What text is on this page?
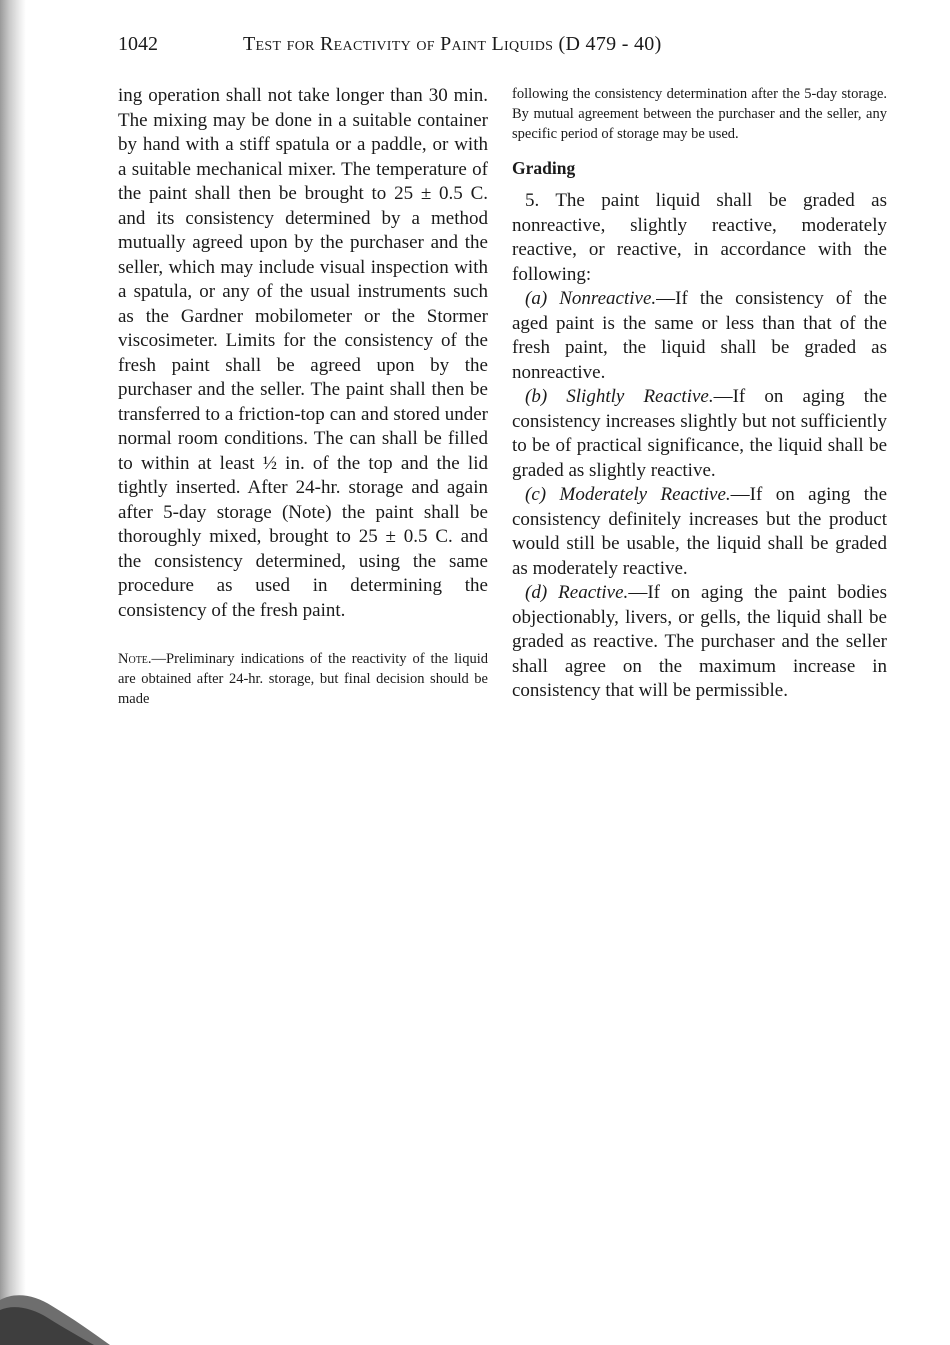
1042	Test for Reactivity of Paint Liquids (D 479 - 40)

ing operation shall not take longer than 30 min. The mixing may be done in a suitable container by hand with a stiff spatula or a paddle, or with a suitable mechanical mixer. The temperature of the paint shall then be brought to 25 ± 0.5 C. and its consistency determined by a method mutually agreed upon by the purchaser and the seller, which may include visual inspection with a spatula, or any of the usual instruments such as the Gardner mobilometer or the Stormer viscosimeter. Limits for the consistency of the fresh paint shall be agreed upon by the purchaser and the seller. The paint shall then be transferred to a friction-top can and stored under normal room conditions. The can shall be filled to within at least ½ in. of the top and the lid tightly inserted. After 24-hr. storage and again after 5-day storage (Note) the paint shall be thoroughly mixed, brought to 25 ± 0.5 C. and the consistency determined, using the same procedure as used in determining the consistency of the fresh paint.

Note.—Preliminary indications of the reactivity of the liquid are obtained after 24-hr. storage, but final decision should be made

following the consistency determination after the 5-day storage. By mutual agreement between the purchaser and the seller, any specific period of storage may be used.

Grading

5. The paint liquid shall be graded as nonreactive, slightly reactive, moderately reactive, or reactive, in accordance with the following:

(a) Nonreactive.—If the consistency of the aged paint is the same or less than that of the fresh paint, the liquid shall be graded as nonreactive.

(b) Slightly Reactive.—If on aging the consistency increases slightly but not sufficiently to be of practical significance, the liquid shall be graded as slightly reactive.

(c) Moderately Reactive.—If on aging the consistency definitely increases but the product would still be usable, the liquid shall be graded as moderately reactive.

(d) Reactive.—If on aging the paint bodies objectionably, livers, or gells, the liquid shall be graded as reactive. The purchaser and the seller shall agree on the maximum increase in consistency that will be permissible.
